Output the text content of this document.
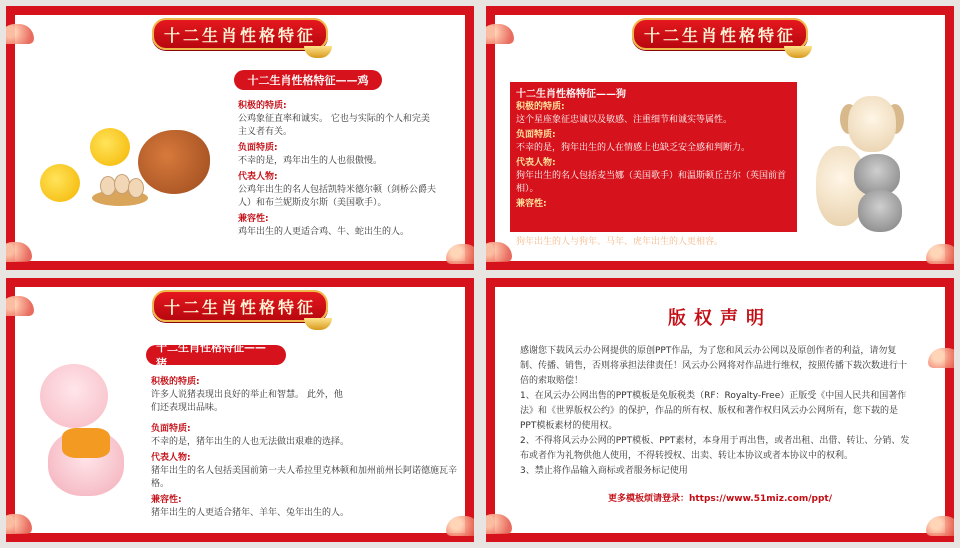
十二生肖性格特征
十二生肖性格特征——鸡
积极的特质:
公鸡象征直率和诚实。 它也与实际的个人和完美主义者有关。
负面特质:
不幸的是，鸡年出生的人也很傲慢。
代表人物:
公鸡年出生的名人包括凯特米德尔顿（剑桥公爵夫人）和布兰妮斯皮尔斯（美国歌手）。
兼容性:
鸡年出生的人更适合鸡、牛、蛇出生的人。
十二生肖性格特征
十二生肖性格特征——狗
积极的特质:
这个星座象征忠诚以及敏感、注重细节和诚实等属性。
负面特质:
不幸的是，狗年出生的人在情感上也缺乏安全感和判断力。
代表人物:
狗年出生的名人包括麦当娜（美国歌手）和温斯顿丘吉尔（英国前首相）。
兼容性:
狗年出生的人与狗年、马年、虎年出生的人更相容。
十二生肖性格特征
十二生肖性格特征——猪
积极的特质:
许多人说猪表现出良好的举止和智慧。 此外，他们还表现出品味。
负面特质:
不幸的是，猪年出生的人也无法做出艰难的选择。
代表人物:
猪年出生的名人包括美国前第一夫人希拉里克林顿和加州前州长阿诺德施瓦辛格。
兼容性:
猪年出生的人更适合猪年、羊年、兔年出生的人。
版权声明
感谢您下载风云办公网提供的原创PPT作品，为了您和风云办公网以及原创作者的利益，请勿复制、传播、销售，否则将承担法律责任！风云办公网将对作品进行维权，按照传播下载次数进行十倍的索取赔偿！
1、在风云办公网出售的PPT模板是免版税类（RF：Royalty-Free）正版受《中国人民共和国著作法》和《世界版权公约》的保护，作品的所有权、版权和著作权归风云办公网所有，您下载的是PPT模板素材的使用权。
2、不得将风云办公网的PPT模板、PPT素材，本身用于再出售，或者出租、出借、转让、分销、发布或者作为礼物供他人使用，不得转授权、出卖、转让本协议或者本协议中的权利。
3、禁止将作品输入商标或者服务标记使用
更多模板烦请登录：https://www.51miz.com/ppt/
